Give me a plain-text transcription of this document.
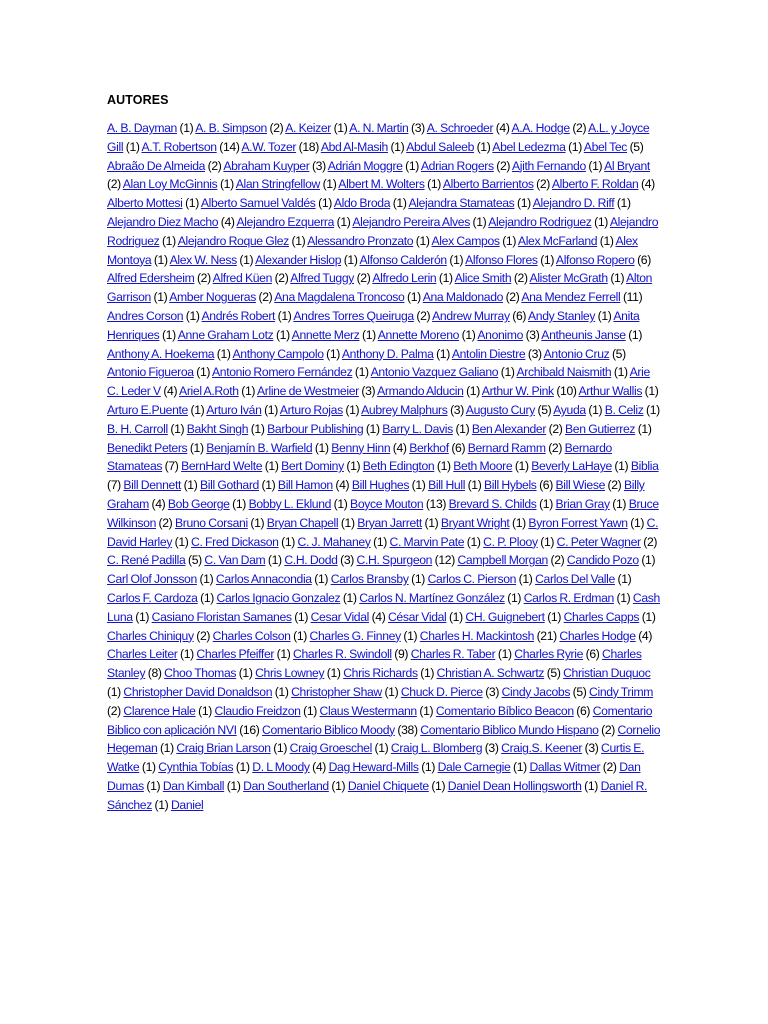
AUTORES
A. B. Dayman (1) A. B. Simpson (2) A. Keizer (1) A. N. Martin (3) A. Schroeder (4) A.A. Hodge (2) A.L. y Joyce Gill (1) A.T. Robertson (14) A.W. Tozer (18) Abd Al-Masih (1) Abdul Saleeb (1) Abel Ledezma (1) Abel Tec (5) Abraão De Almeida (2) Abraham Kuyper (3) Adrián Moggre (1) Adrian Rogers (2) Ajith Fernando (1) Al Bryant (2) Alan Loy McGinnis (1) Alan Stringfellow (1) Albert M. Wolters (1) Alberto Barrientos (2) Alberto F. Roldan (4) Alberto Mottesi (1) Alberto Samuel Valdés (1) Aldo Broda (1) Alejandra Stamateas (1) Alejandro D. Riff (1) Alejandro Diez Macho (4) Alejandro Ezquerra (1) Alejandro Pereira Alves (1) Alejandro Rodriguez (1) Alejandro Rodriguez (1) Alejandro Roque Glez (1) Alessandro Pronzato (1) Alex Campos (1) Alex McFarland (1) Alex Montoya (1) Alex W. Ness (1) Alexander Hislop (1) Alfonso Calderón (1) Alfonso Flores (1) Alfonso Ropero (6) Alfred Edersheim (2) Alfred Küen (2) Alfred Tuggy (2) Alfredo Lerin (1) Alice Smith (2) Alister McGrath (1) Alton Garrison (1) Amber Nogueras (2) Ana Magdalena Troncoso (1) Ana Maldonado (2) Ana Mendez Ferrell (11) Andres Corson (1) Andrés Robert (1) Andres Torres Queiruga (2) Andrew Murray (6) Andy Stanley (1) Anita Henriques (1) Anne Graham Lotz (1) Annette Merz (1) Annette Moreno (1) Anonimo (3) Antheunis Janse (1) Anthony A. Hoekema (1) Anthony Campolo (1) Anthony D. Palma (1) Antolin Diestre (3) Antonio Cruz (5) Antonio Figueroa (1) Antonio Romero Fernández (1) Antonio Vazquez Galiano (1) Archibald Naismith (1) Arie C. Leder V (4) Ariel A.Roth (1) Arline de Westmeier (3) Armando Alducin (1) Arthur W. Pink (10) Arthur Wallis (1) Arturo E.Puente (1) Arturo Iván (1) Arturo Rojas (1) Aubrey Malphurs (3) Augusto Cury (5) Ayuda (1) B. Celiz (1) B. H. Carroll (1) Bakht Singh (1) Barbour Publishing (1) Barry L. Davis (1) Ben Alexander (2) Ben Gutierrez (1) Benedikt Peters (1) Benjamín B. Warfield (1) Benny Hinn (4) Berkhof (6) Bernard Ramm (2) Bernardo Stamateas (7) BernHard Welte (1) Bert Dominy (1) Beth Edington (1) Beth Moore (1) Beverly LaHaye (1) Biblia (7) Bill Dennett (1) Bill Gothard (1) Bill Hamon (4) Bill Hughes (1) Bill Hull (1) Bill Hybels (6) Bill Wiese (2) Billy Graham (4) Bob George (1) Bobby L. Eklund (1) Boyce Mouton (13) Brevard S. Childs (1) Brian Gray (1) Bruce Wilkinson (2) Bruno Corsani (1) Bryan Chapell (1) Bryan Jarrett (1) Bryant Wright (1) Byron Forrest Yawn (1) C. David Harley (1) C. Fred Dickason (1) C. J. Mahaney (1) C. Marvin Pate (1) C. P. Plooy (1) C. Peter Wagner (2) C. René Padilla (5) C. Van Dam (1) C.H. Dodd (3) C.H. Spurgeon (12) Campbell Morgan (2) Candido Pozo (1) Carl Olof Jonsson (1) Carlos Annacondia (1) Carlos Bransby (1) Carlos C. Pierson (1) Carlos Del Valle (1) Carlos F. Cardoza (1) Carlos Ignacio Gonzalez (1) Carlos N. Martínez González (1) Carlos R. Erdman (1) Cash Luna (1) Casiano Floristan Samanes (1) Cesar Vidal (4) César Vidal (1) CH. Guignebert (1) Charles Capps (1) Charles Chiniquy (2) Charles Colson (1) Charles G. Finney (1) Charles H. Mackintosh (21) Charles Hodge (4) Charles Leiter (1) Charles Pfeiffer (1) Charles R. Swindoll (9) Charles R. Taber (1) Charles Ryrie (6) Charles Stanley (8) Choo Thomas (1) Chris Lowney (1) Chris Richards (1) Christian A. Schwartz (5) Christian Duquoc (1) Christopher David Donaldson (1) Christopher Shaw (1) Chuck D. Pierce (3) Cindy Jacobs (5) Cindy Trimm (2) Clarence Hale (1) Claudio Freidzon (1) Claus Westermann (1) Comentario Bíblico Beacon (6) Comentario Biblico con aplicación NVI (16) Comentario Biblico Moody (38) Comentario Biblico Mundo Hispano (2) Cornelio Hegeman (1) Craig Brian Larson (1) Craig Groeschel (1) Craig L. Blomberg (3) Craig.S. Keener (3) Curtis E. Watke (1) Cynthia Tobías (1) D. L Moody (4) Dag Heward-Mills (1) Dale Carnegie (1) Dallas Witmer (2) Dan Dumas (1) Dan Kimball (1) Dan Southerland (1) Daniel Chiquete (1) Daniel Dean Hollingsworth (1) Daniel R. Sánchez (1) Daniel
